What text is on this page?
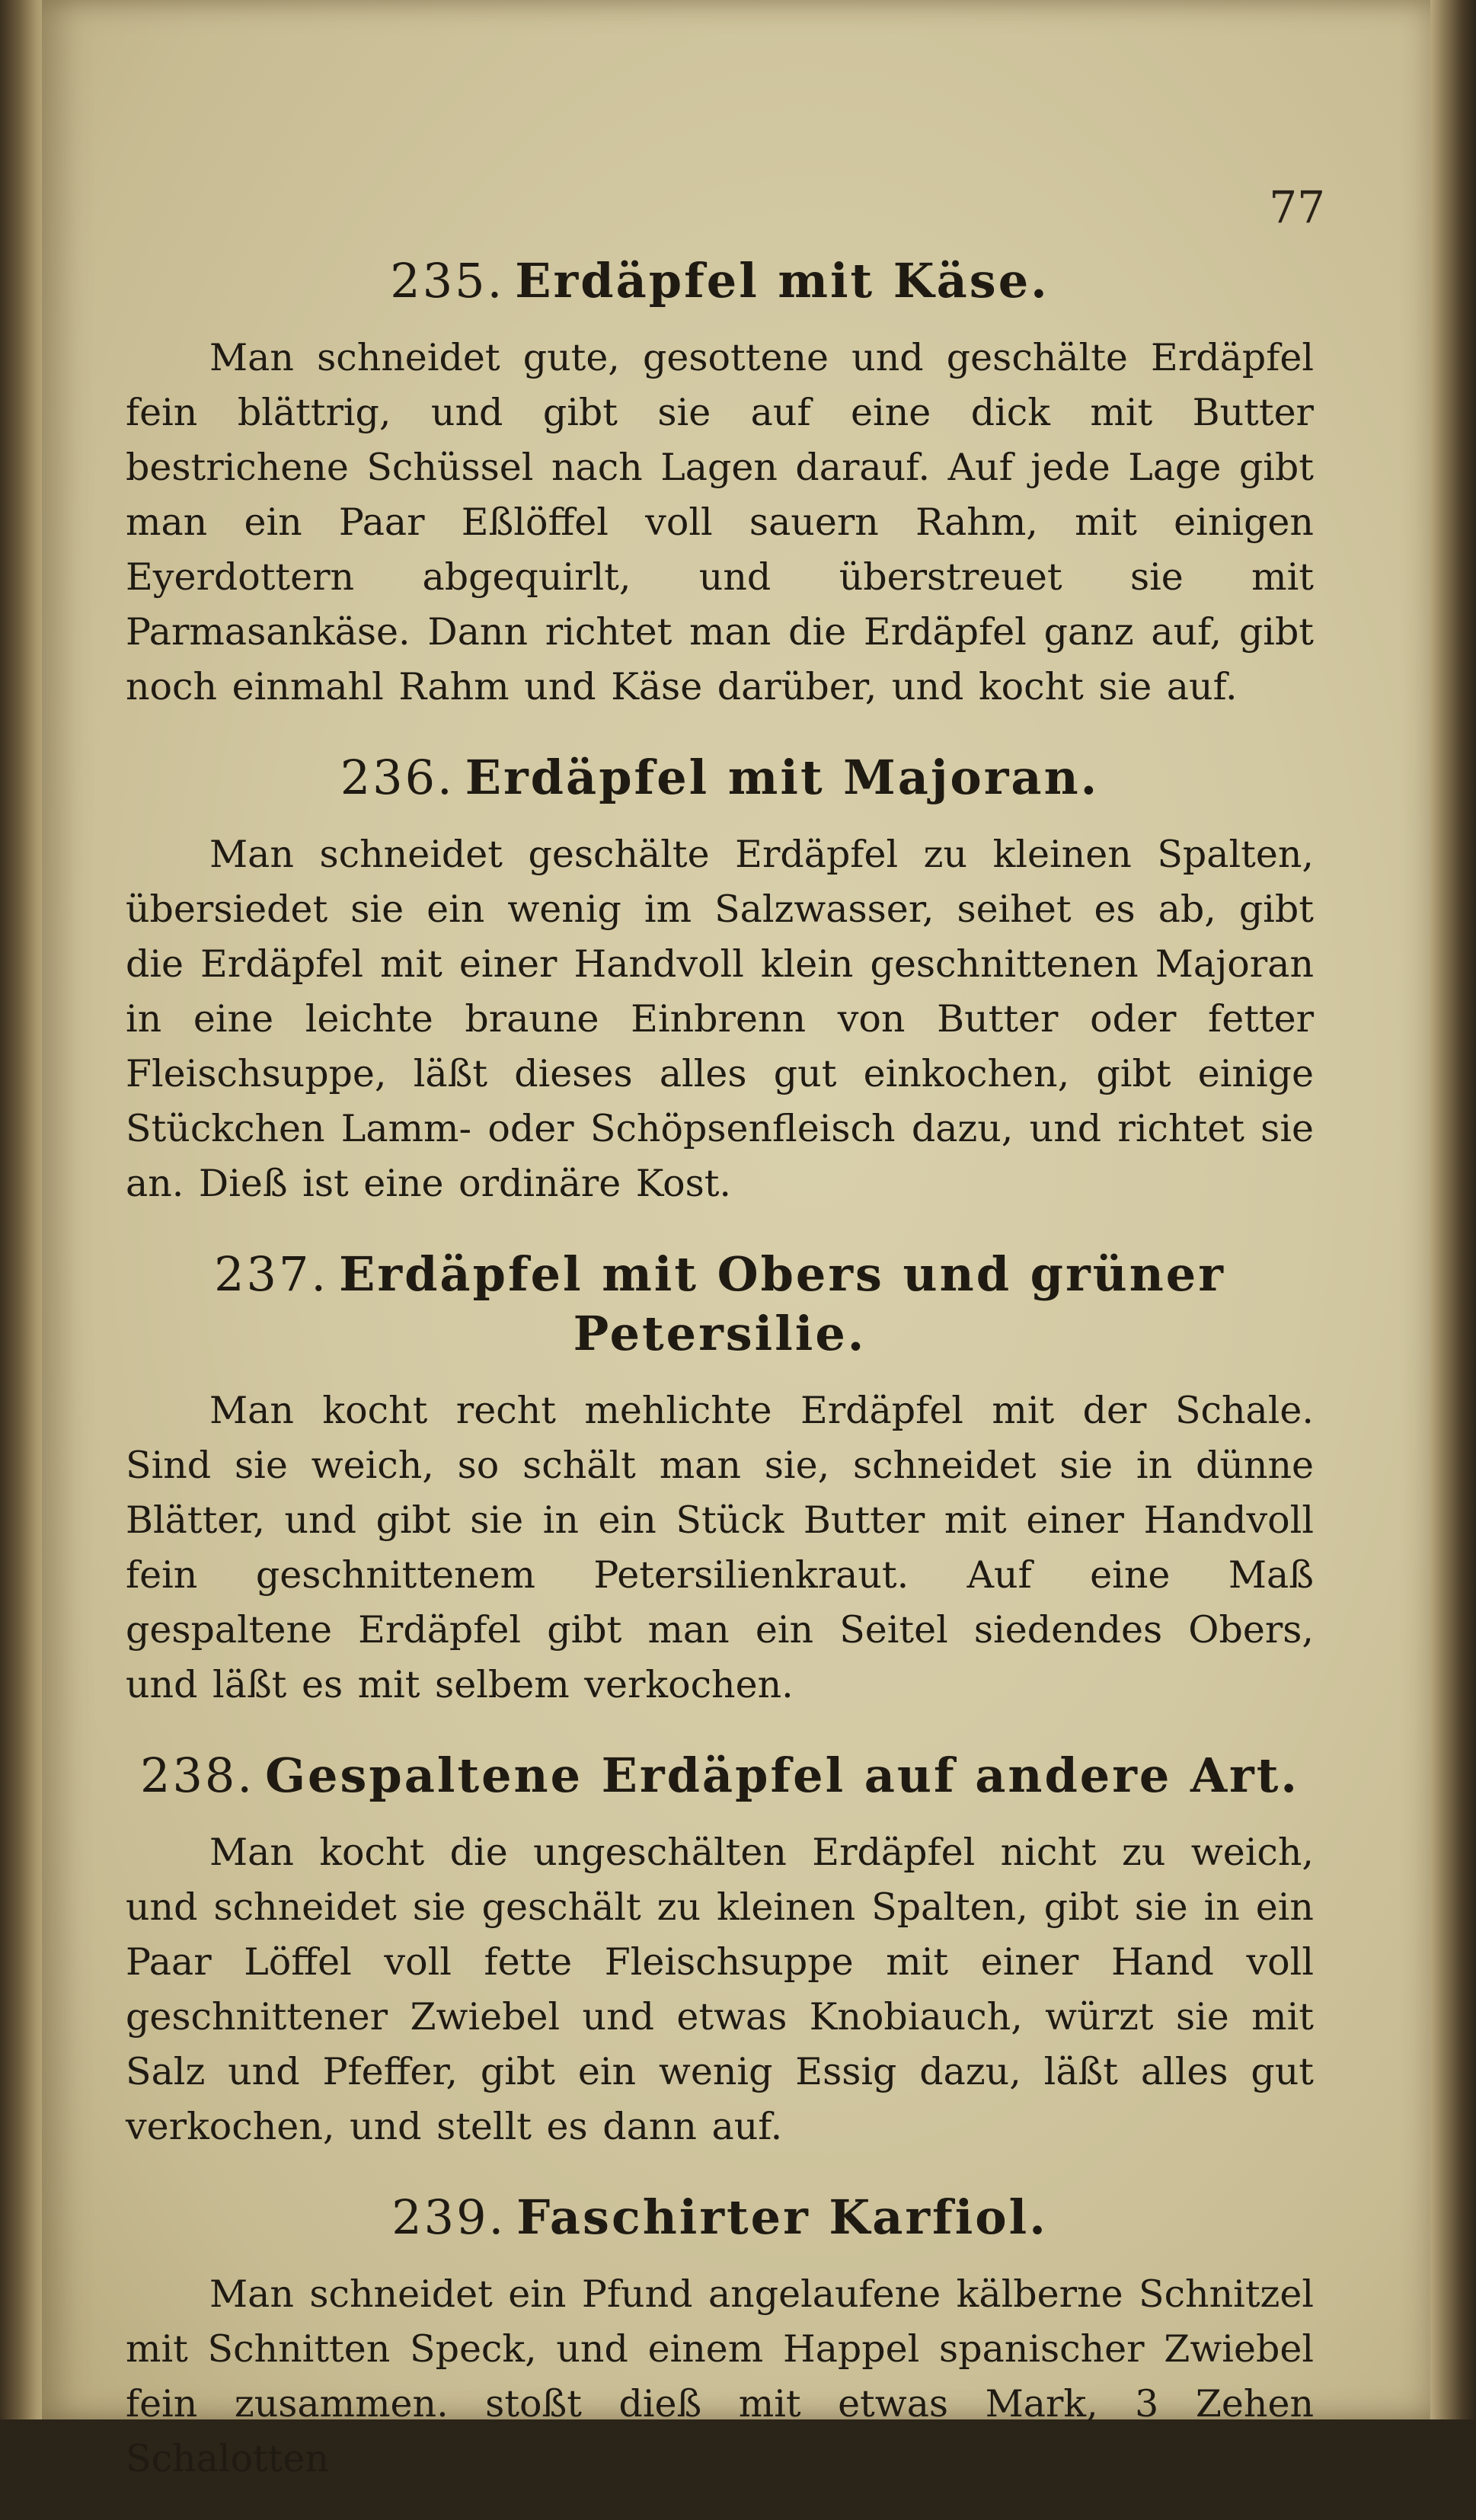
77
235. Erdäpfel mit Käse.

Man schneidet gute, gesottene und geschälte Erdäpfel fein blättrig, und gibt sie auf eine dick mit Butter bestrichene Schüssel nach Lagen darauf. Auf jede Lage gibt man ein Paar Eßlöffel voll sauern Rahm, mit einigen Eyerdottern abgequirlt, und überstreuet sie mit Parmasankäse. Dann richtet man die Erdäpfel ganz auf, gibt noch einmahl Rahm und Käse darüber, und kocht sie auf.

236. Erdäpfel mit Majoran.

Man schneidet geschälte Erdäpfel zu kleinen Spalten, übersiedet sie ein wenig im Salzwasser, seihet es ab, gibt die Erdäpfel mit einer Handvoll klein geschnittenen Majoran in eine leichte braune Einbrenn von Butter oder fetter Fleischsuppe, läßt dieses alles gut einkochen, gibt einige Stückchen Lamm- oder Schöpsenfleisch dazu, und richtet sie an. Dieß ist eine ordinäre Kost.

237. Erdäpfel mit Obers und grüner Petersilie.

Man kocht recht mehlichte Erdäpfel mit der Schale. Sind sie weich, so schält man sie, schneidet sie in dünne Blätter, und gibt sie in ein Stück Butter mit einer Handvoll fein geschnittenem Petersilienkraut. Auf eine Maß gespaltene Erdäpfel gibt man ein Seitel siedendes Obers, und läßt es mit selbem verkochen.

238. Gespaltene Erdäpfel auf andere Art.

Man kocht die ungeschälten Erdäpfel nicht zu weich, und schneidet sie geschält zu kleinen Spalten, gibt sie in ein Paar Löffel voll fette Fleischsuppe mit einer Hand voll geschnittener Zwiebel und etwas Knobiauch, würzt sie mit Salz und Pfeffer, gibt ein wenig Essig dazu, läßt alles gut verkochen, und stellt es dann auf.

239. Faschirter Karfiol.

Man schneidet ein Pfund angelaufene kälberne Schnitzel mit Schnitten Speck, und einem Happel spanischer Zwiebel fein zusammen. stoßt dieß mit etwas Mark, 3 Zehen Schalotten
